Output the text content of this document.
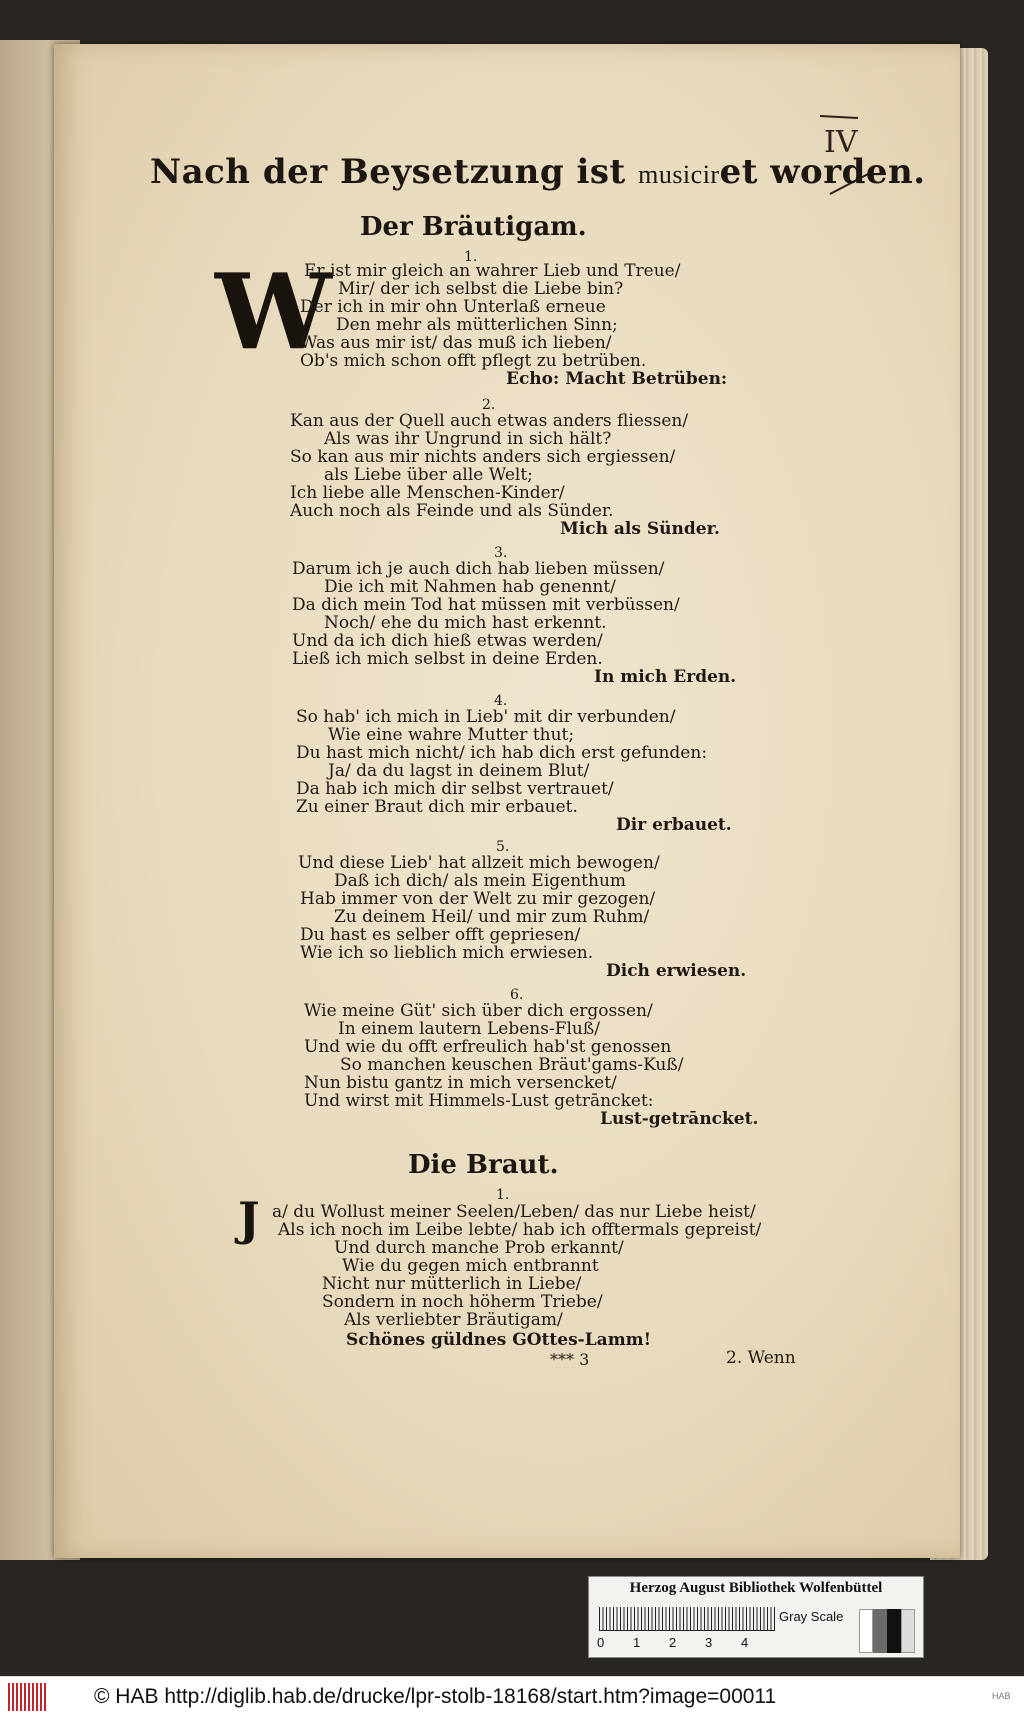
IV
Nach der Beysetzung ist musiciret worden.
Der Bräutigam.
W	1.
Er ist mir gleich an wahrer Lieb und Treue/
Mir/ der ich selbst die Liebe bin?
Der ich in mir ohn Unterlaß erneue
Den mehr als mütterlichen Sinn;
Was aus mir ist/ das muß ich lieben/
Ob's mich schon offt pflegt zu betrüben.
Echo: Macht Betrüben:
2.
Kan aus der Quell auch etwas anders fliessen/
Als was ihr Ungrund in sich hält?
So kan aus mir nichts anders sich ergiessen/
als Liebe über alle Welt;
Ich liebe alle Menschen-Kinder/
Auch noch als Feinde und als Sünder.
Mich als Sünder.
3.
Darum ich je auch dich hab lieben müssen/
Die ich mit Nahmen hab genennt/
Da dich mein Tod hat müssen mit verbüssen/
Noch/ ehe du mich hast erkennt.
Und da ich dich hieß etwas werden/
Ließ ich mich selbst in deine Erden.
In mich Erden.
4.
So hab' ich mich in Lieb' mit dir verbunden/
Wie eine wahre Mutter thut;
Du hast mich nicht/ ich hab dich erst gefunden:
Ja/ da du lagst in deinem Blut/
Da hab ich mich dir selbst vertrauet/
Zu einer Braut dich mir erbauet.
Dir erbauet.
5.
Und diese Lieb' hat allzeit mich bewogen/
Daß ich dich/ als mein Eigenthum
Hab immer von der Welt zu mir gezogen/
Zu deinem Heil/ und mir zum Ruhm/
Du hast es selber offt gepriesen/
Wie ich so lieblich mich erwiesen.
Dich erwiesen.
6.
Wie meine Güt' sich über dich ergossen/
In einem lautern Lebens-Fluß/
Und wie du offt erfreulich hab'st genossen
So manchen keuschen Bräut'gams-Kuß/
Nun bistu gantz in mich versencket/
Und wirst mit Himmels-Lust getrāncket:
Lust-getrāncket.
Die Braut.
J	1.
a/ du Wollust meiner Seelen/Leben/ das nur Liebe heist/
Als ich noch im Leibe lebte/ hab ich offtermals gepreist/
Und durch manche Prob erkannt/
Wie du gegen mich entbrannt
Nicht nur mütterlich in Liebe/
Sondern in noch höherm Triebe/
Als verliebter Bräutigam/
Schönes güldnes GOttes-Lamm!
*** 3	2. Wenn
Herzog August Bibliothek Wolfenbüttel
Gray Scale
0 1 2 3 4
© HAB http://diglib.hab.de/drucke/lpr-stolb-18168/start.htm?image=00011	HAB
